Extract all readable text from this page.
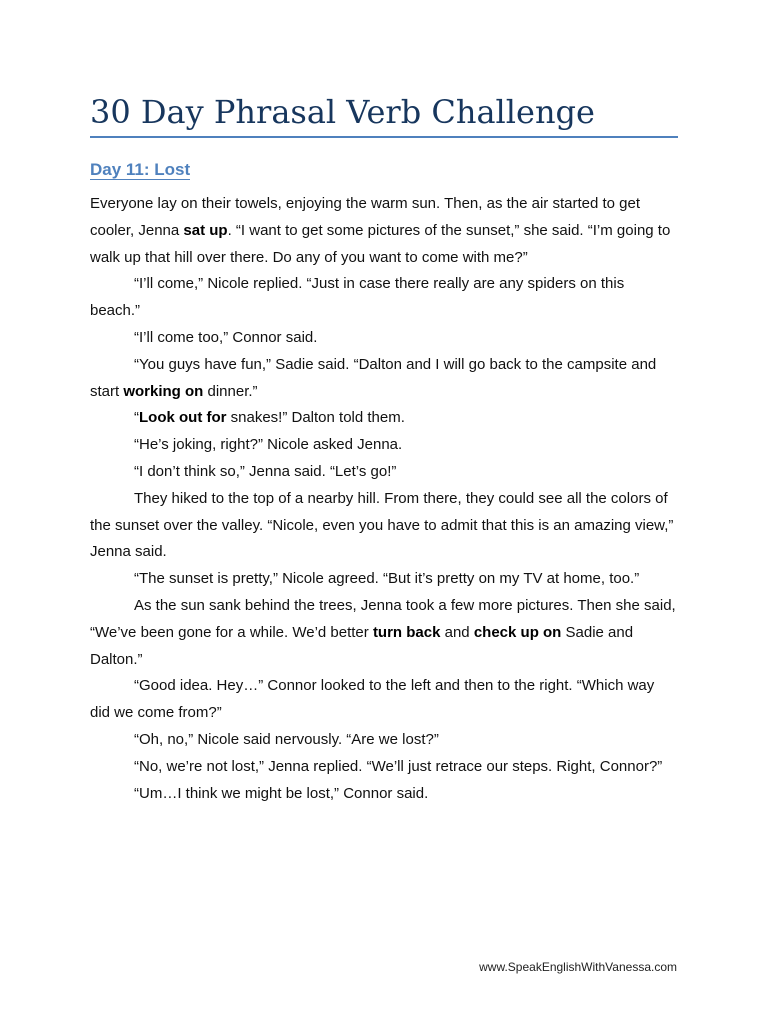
30 Day Phrasal Verb Challenge
Day 11: Lost

Everyone lay on their towels, enjoying the warm sun. Then, as the air started to get cooler, Jenna sat up. “I want to get some pictures of the sunset,” she said. “I’m going to walk up that hill over there. Do any of you want to come with me?”

“I’ll come,” Nicole replied. “Just in case there really are any spiders on this beach.”

“I’ll come too,” Connor said.

“You guys have fun,” Sadie said. “Dalton and I will go back to the campsite and start working on dinner.”

“Look out for snakes!” Dalton told them.

“He’s joking, right?” Nicole asked Jenna.

“I don’t think so,” Jenna said. “Let’s go!”

They hiked to the top of a nearby hill. From there, they could see all the colors of the sunset over the valley. “Nicole, even you have to admit that this is an amazing view,” Jenna said.

“The sunset is pretty,” Nicole agreed. “But it’s pretty on my TV at home, too.”

As the sun sank behind the trees, Jenna took a few more pictures. Then she said, “We’ve been gone for a while. We’d better turn back and check up on Sadie and Dalton.”

“Good idea. Hey…” Connor looked to the left and then to the right. “Which way did we come from?”

“Oh, no,” Nicole said nervously. “Are we lost?”

“No, we’re not lost,” Jenna replied. “We’ll just retrace our steps. Right, Connor?”

“Um…I think we might be lost,” Connor said.

www.SpeakEnglishWithVanessa.com
